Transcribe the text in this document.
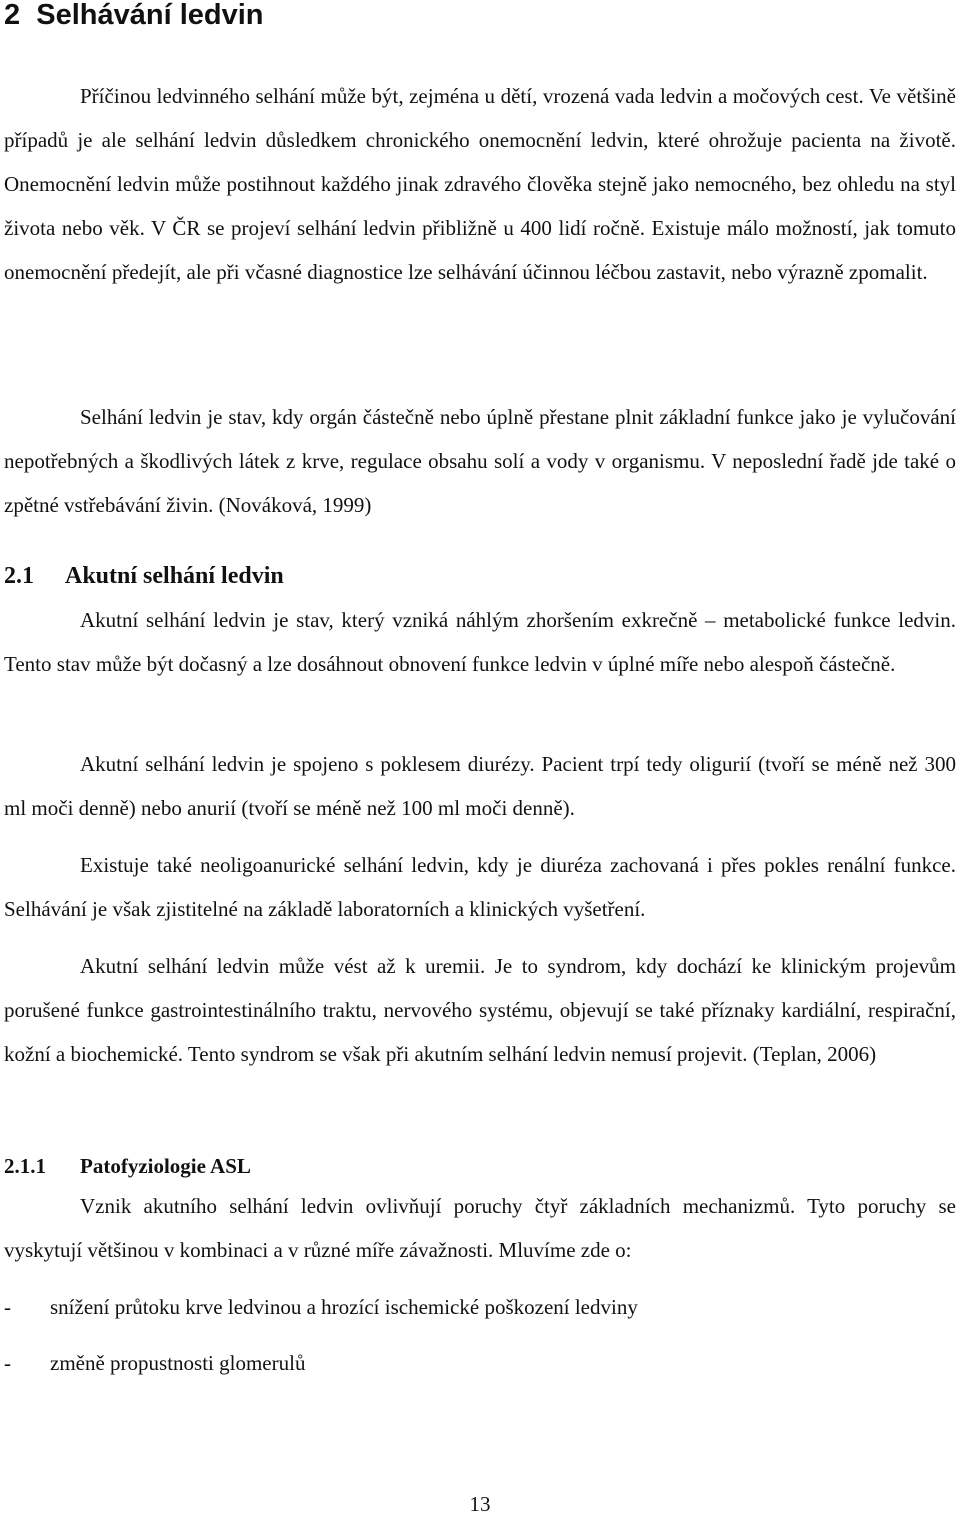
2 Selhávání ledvin

Příčinou ledvinného selhání může být, zejména u dětí, vrozená vada ledvin a močových cest. Ve většině případů je ale selhání ledvin důsledkem chronického onemocnění ledvin, které ohrožuje pacienta na životě. Onemocnění ledvin může postihnout každého jinak zdravého člověka stejně jako nemocného, bez ohledu na styl života nebo věk. V ČR se projeví selhání ledvin přibližně u 400 lidí ročně. Existuje málo možností, jak tomuto onemocnění předejít, ale při včasné diagnostice lze selhávání účinnou léčbou zastavit, nebo výrazně zpomalit.

Selhání ledvin je stav, kdy orgán částečně nebo úplně přestane plnit základní funkce jako je vylučování nepotřebných a škodlivých látek z krve, regulace obsahu solí a vody v organismu. V neposlední řadě jde také o zpětné vstřebávání živin. (Nováková, 1999)

2.1 Akutní selhání ledvin

Akutní selhání ledvin je stav, který vzniká náhlým zhoršením exkrečně – metabolické funkce ledvin. Tento stav může být dočasný a lze dosáhnout obnovení funkce ledvin v úplné míře nebo alespoň částečně.

Akutní selhání ledvin je spojeno s poklesem diurézy. Pacient trpí tedy oligurií (tvoří se méně než 300 ml moči denně) nebo anurií (tvoří se méně než 100 ml moči denně).

Existuje také neoligoanurické selhání ledvin, kdy je diuréza zachovaná i přes pokles renální funkce. Selhávání je však zjistitelné na základě laboratorních a klinických vyšetření.

Akutní selhání ledvin může vést až k uremii. Je to syndrom, kdy dochází ke klinickým projevům porušené funkce gastrointestinálního traktu, nervového systému, objevují se také příznaky kardiální, respirační, kožní a biochemické. Tento syndrom se však při akutním selhání ledvin nemusí projevit. (Teplan, 2006)

2.1.1 Patofyziologie ASL

Vznik akutního selhání ledvin ovlivňují poruchy čtyř základních mechanizmů. Tyto poruchy se vyskytují většinou v kombinaci a v různé míře závažnosti. Mluvíme zde o:

- snížení průtoku krve ledvinou a hrozící ischemické poškození ledviny
- změně propustnosti glomerulů
13
